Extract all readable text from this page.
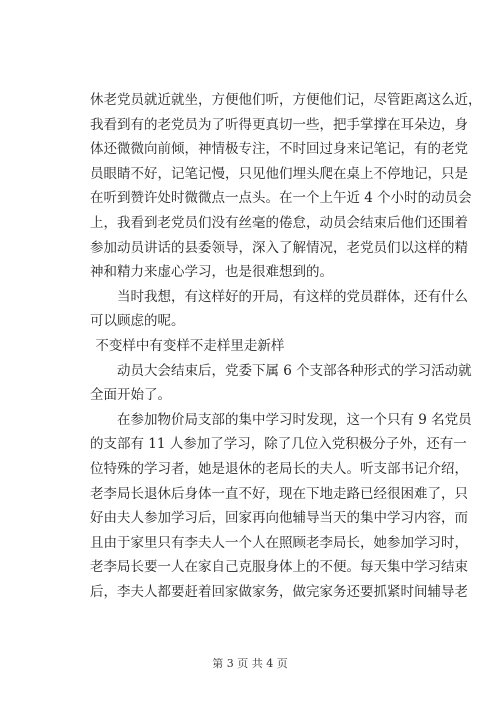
休老党员就近就坐，方便他们听，方便他们记，尽管距离这么近，
我看到有的老党员为了听得更真切一些，把手掌撑在耳朵边，身
体还微微向前倾，神情极专注，不时回过身来记笔记，有的老党
员眼睛不好，记笔记慢，只见他们埋头爬在桌上不停地记，只是
在听到赞许处时微微点一点头。在一个上午近 4 个小时的动员会
上，我看到老党员们没有丝毫的倦怠，动员会结束后他们还围着
参加动员讲话的县委领导，深入了解情况，老党员们以这样的精
神和精力来虚心学习，也是很难想到的。
当时我想，有这样好的开局，有这样的党员群体，还有什么
可以顾虑的呢。
不变样中有变样不走样里走新样
动员大会结束后，党委下属 6 个支部各种形式的学习活动就
全面开始了。
在参加物价局支部的集中学习时发现，这一个只有 9 名党员
的支部有 11 人参加了学习，除了几位入党积极分子外，还有一
位特殊的学习者，她是退休的老局长的夫人。听支部书记介绍，
老李局长退休后身体一直不好，现在下地走路已经很困难了，只
好由夫人参加学习后，回家再向他辅导当天的集中学习内容，而
且由于家里只有李夫人一个人在照顾老李局长，她参加学习时，
老李局长要一人在家自己克服身体上的不便。每天集中学习结束
后，李夫人都要赶着回家做家务，做完家务还要抓紧时间辅导老
第 3 页 共 4 页
